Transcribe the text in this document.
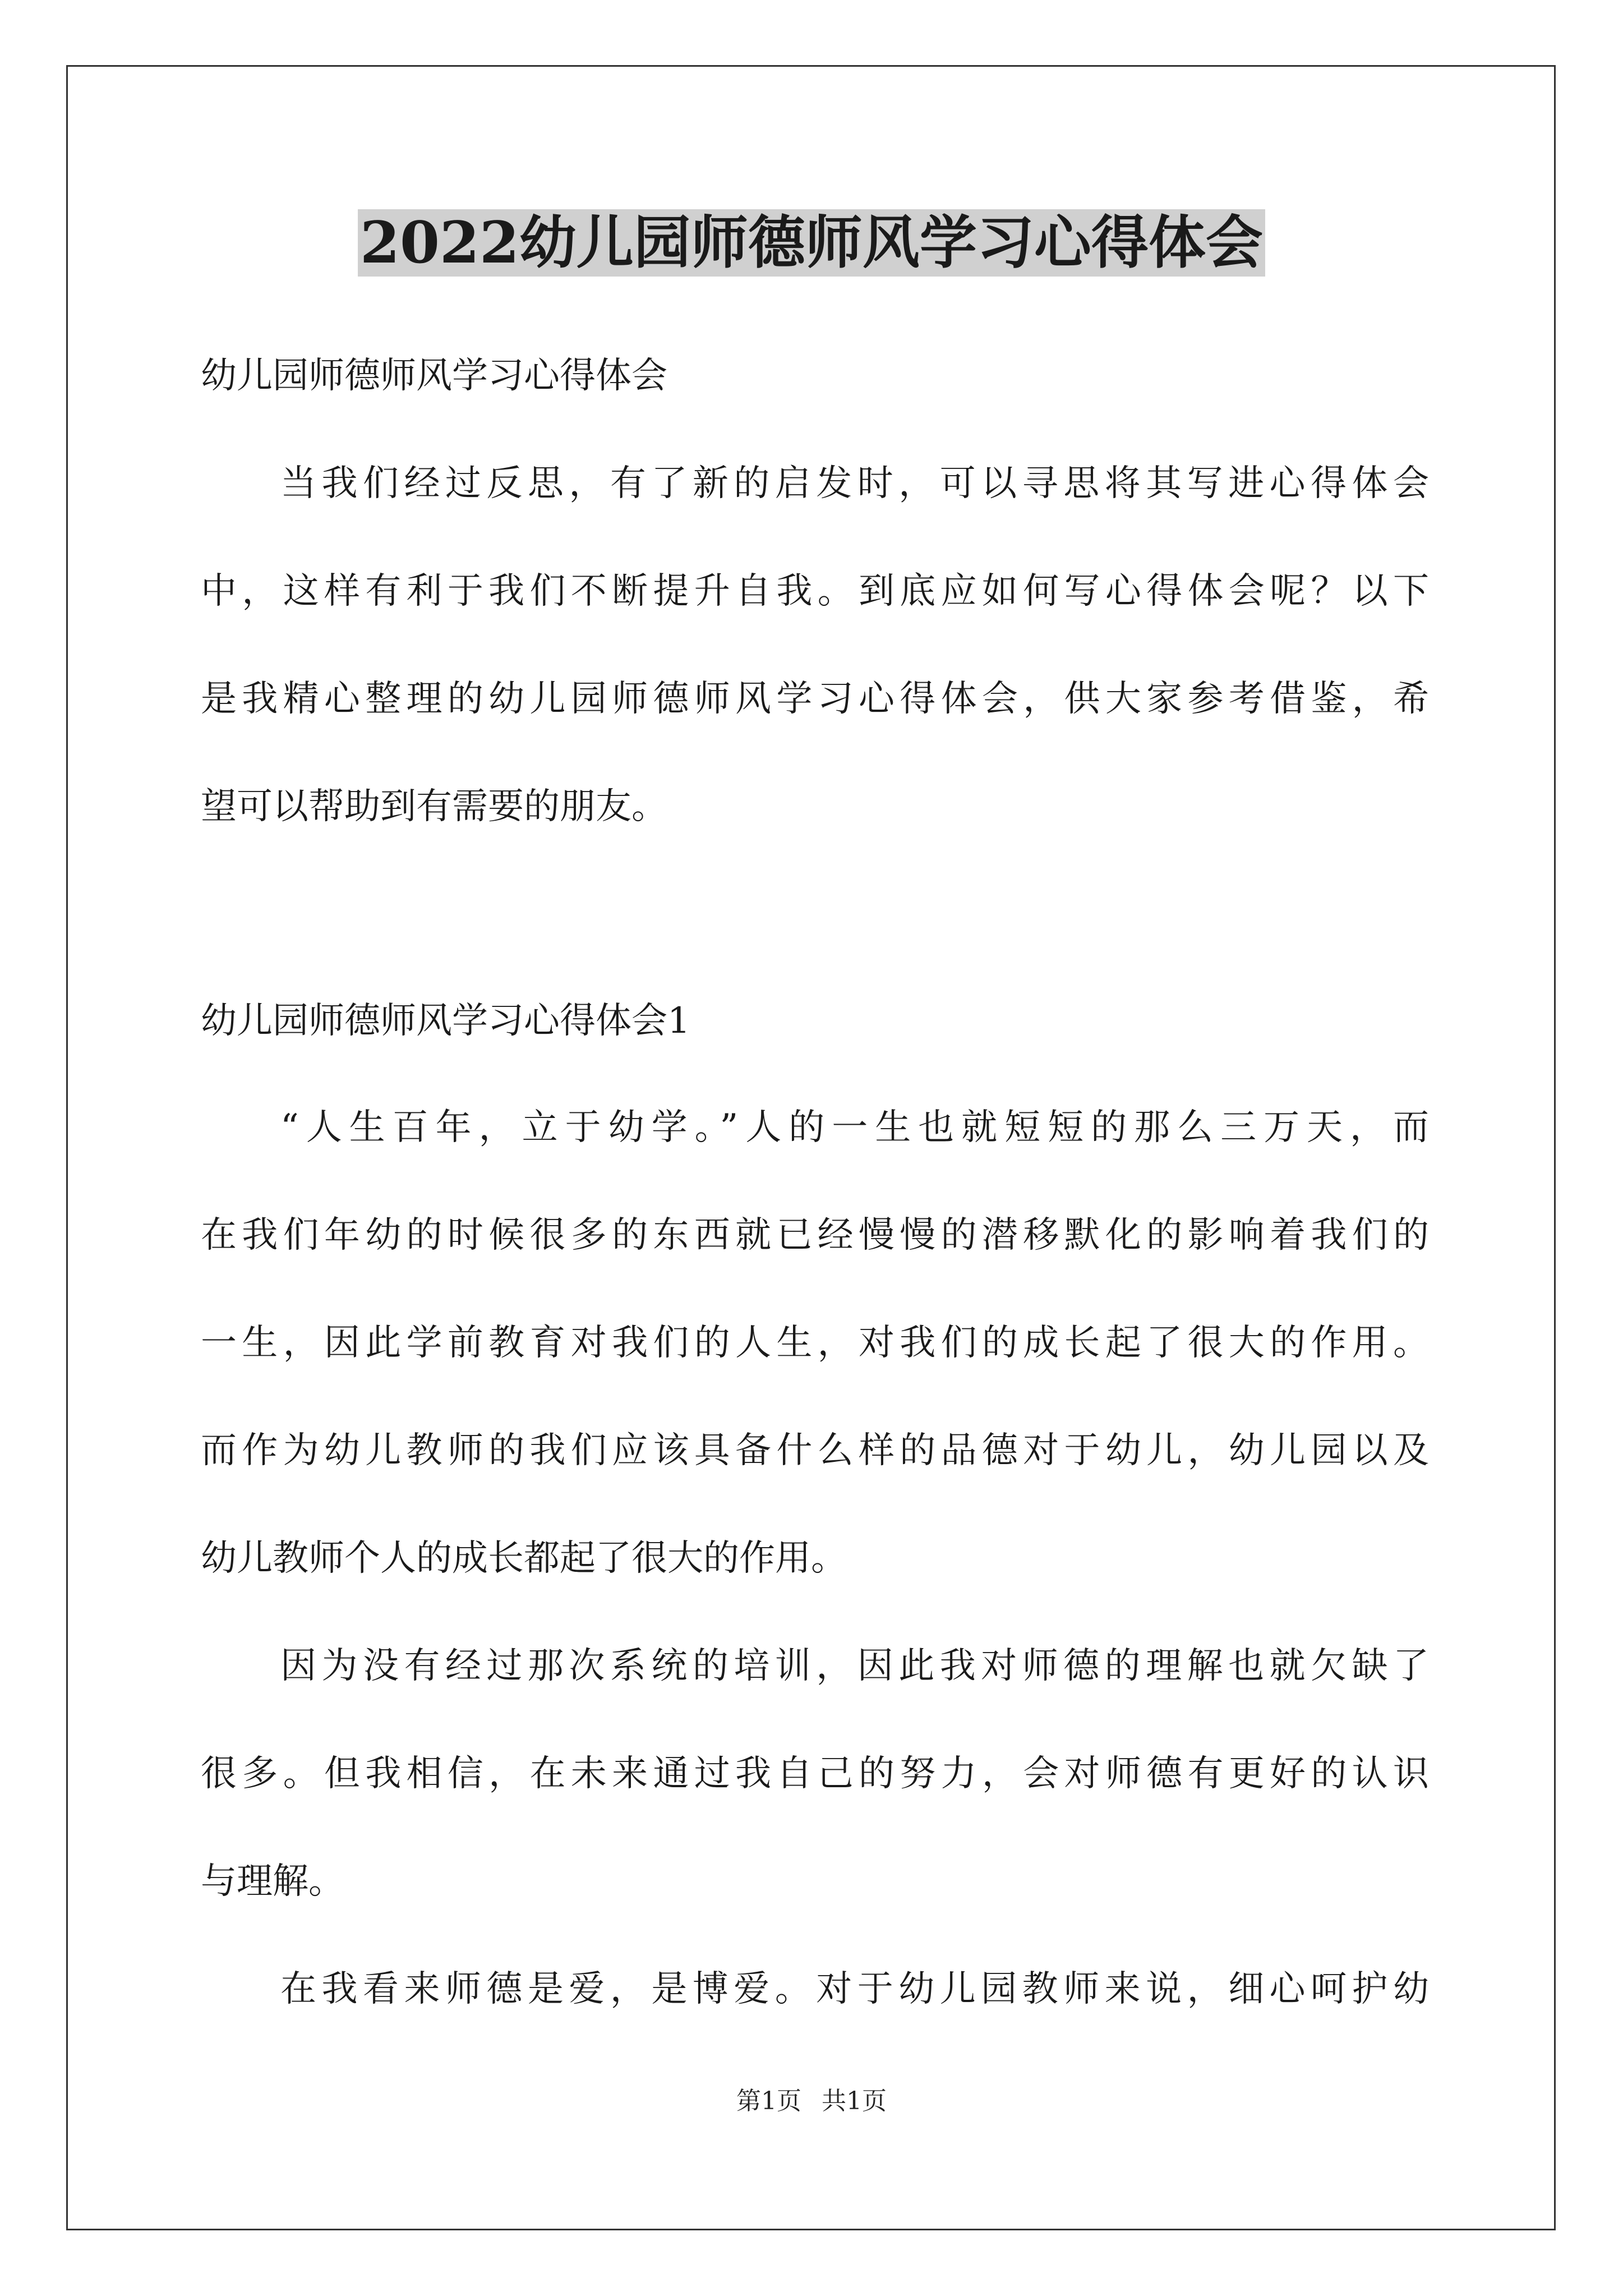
2022幼儿园师德师风学习心得体会
幼儿园师德师风学习心得体会
当我们经过反思，有了新的启发时，可以寻思将其写进心得体会
中，这样有利于我们不断提升自我。到底应如何写心得体会呢？以下
是我精心整理的幼儿园师德师风学习心得体会，供大家参考借鉴，希
望可以帮助到有需要的朋友。
幼儿园师德师风学习心得体会1
“人生百年，立于幼学。”人的一生也就短短的那么三万天，而
在我们年幼的时候很多的东西就已经慢慢的潜移默化的影响着我们的
一生，因此学前教育对我们的人生，对我们的成长起了很大的作用。
而作为幼儿教师的我们应该具备什么样的品德对于幼儿，幼儿园以及
幼儿教师个人的成长都起了很大的作用。
因为没有经过那次系统的培训，因此我对师德的理解也就欠缺了
很多。但我相信，在未来通过我自己的努力，会对师德有更好的认识
与理解。
在我看来师德是爱，是博爱。对于幼儿园教师来说，细心呵护幼
第1页 共1页
